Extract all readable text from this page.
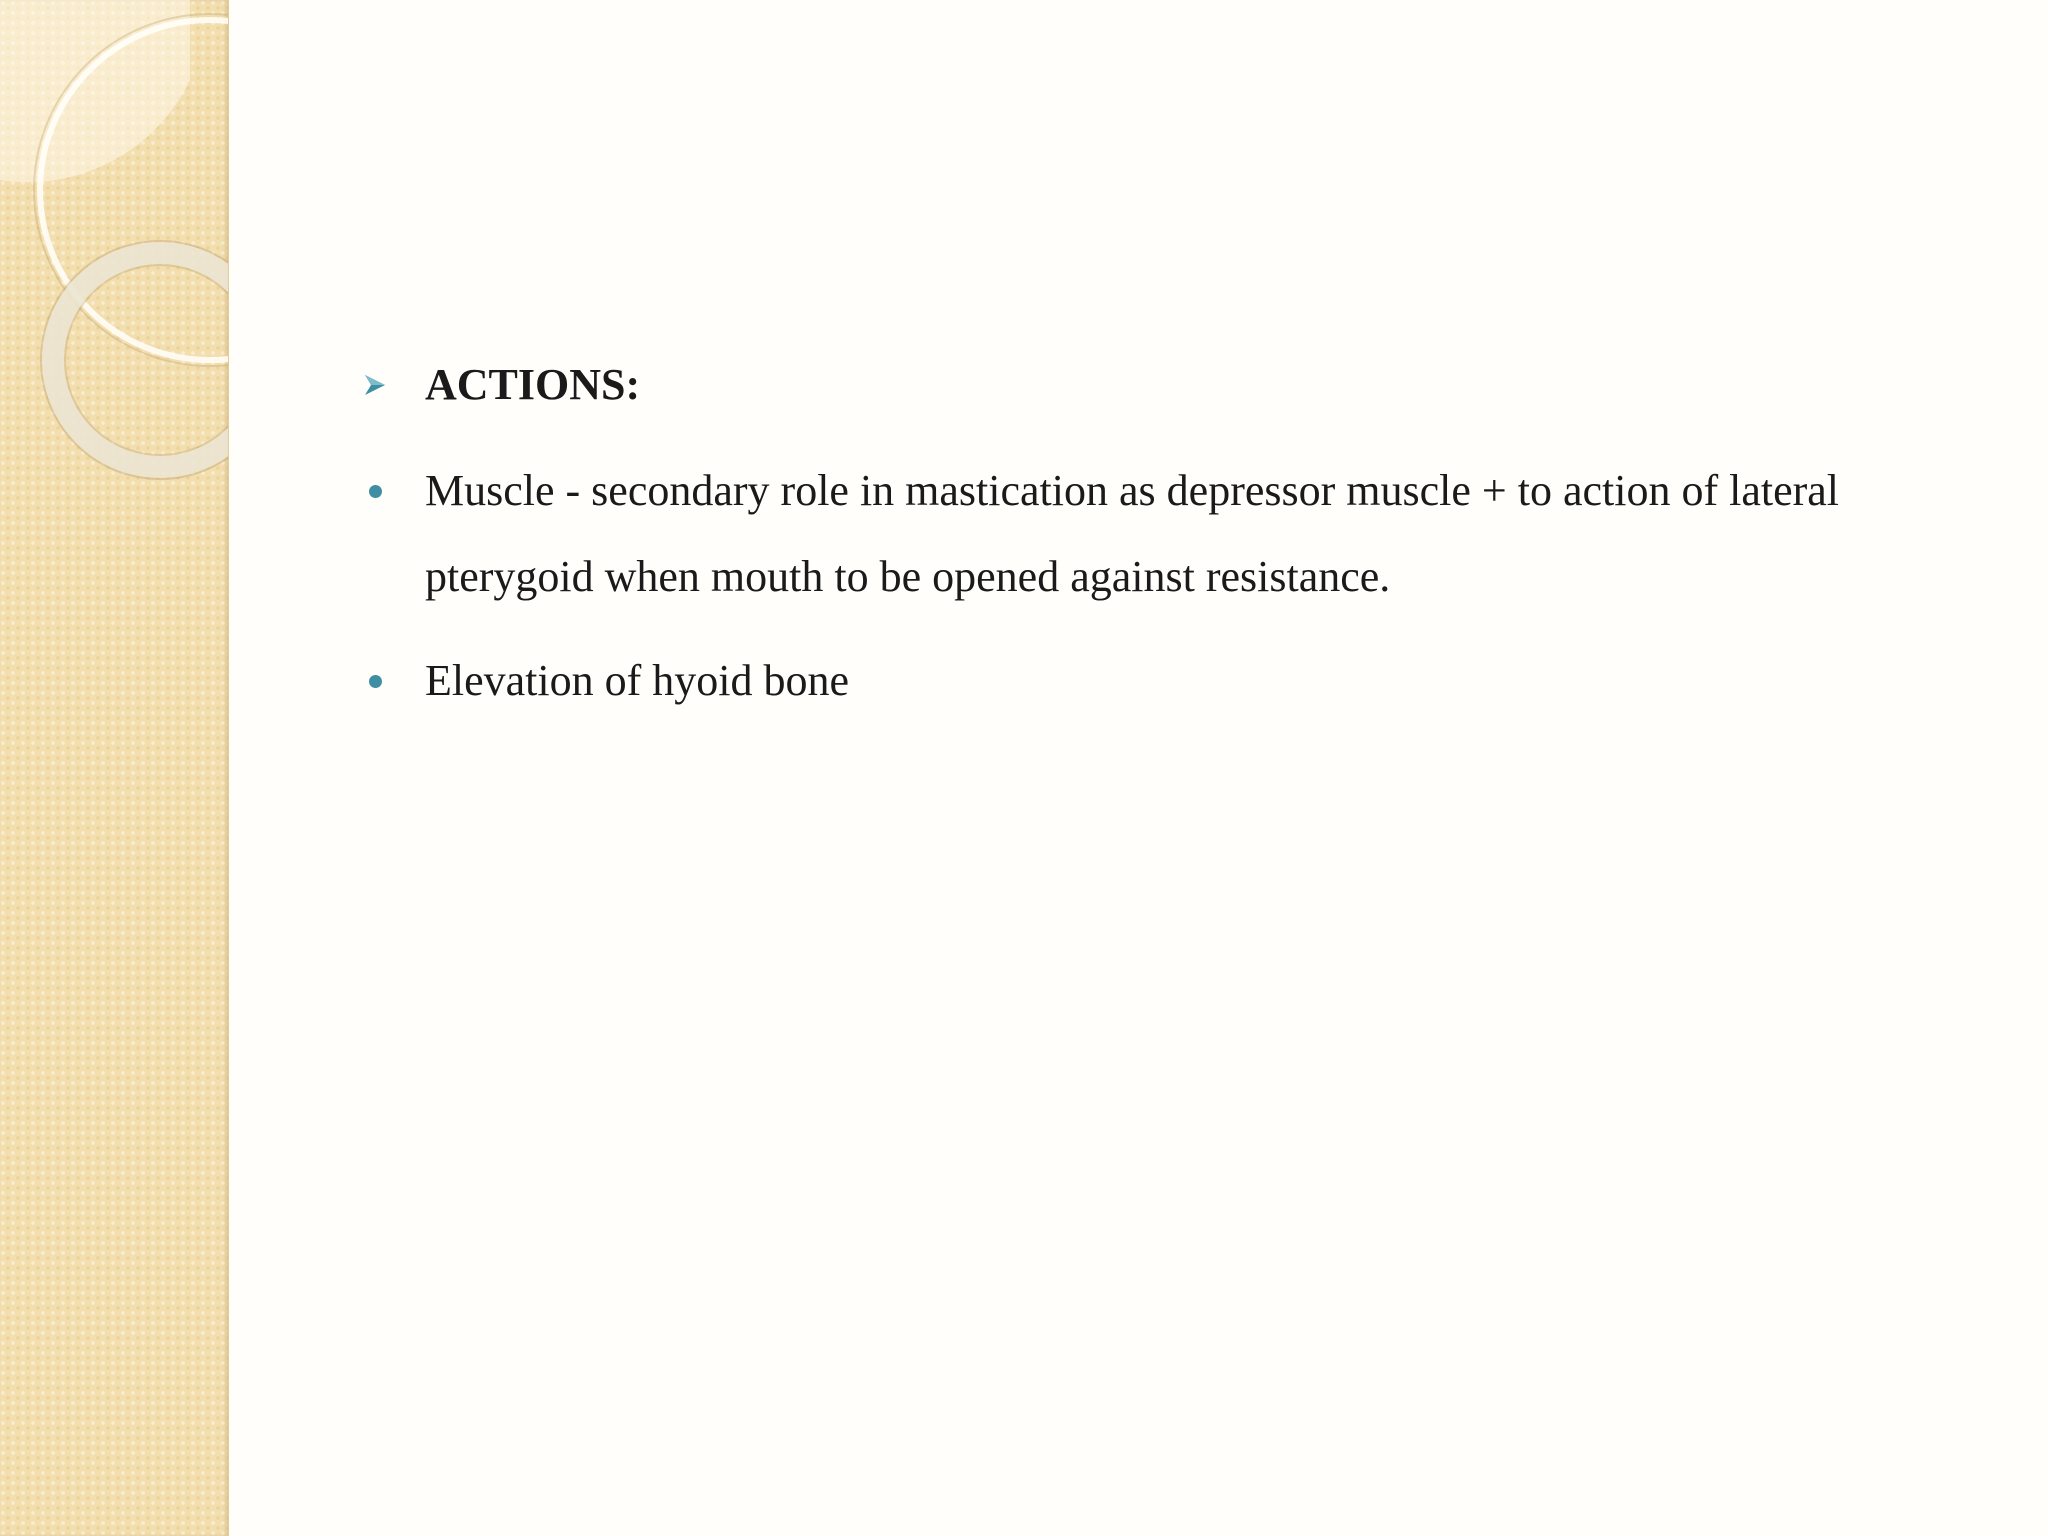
ACTIONS:
Muscle - secondary role in mastication as depressor muscle + to action of lateral pterygoid when mouth to be opened against resistance.
Elevation of hyoid bone
